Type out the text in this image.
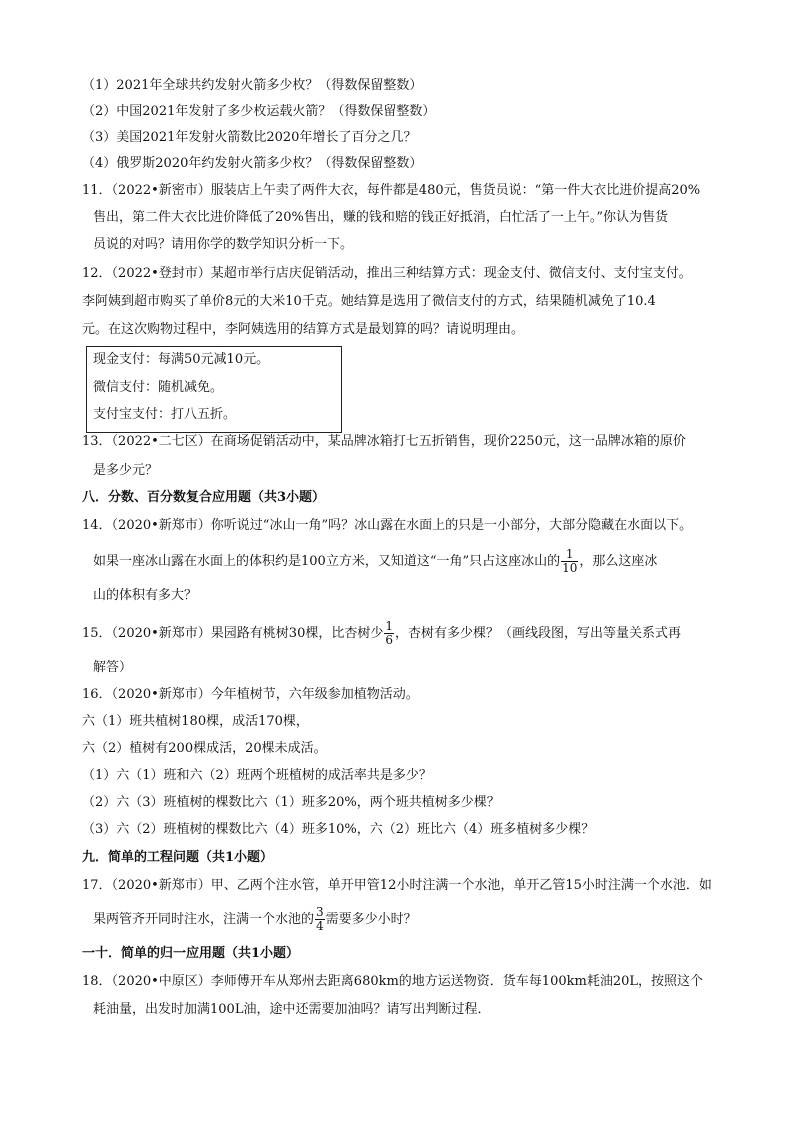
（1）2021年全球共约发射火箭多少枚？（得数保留整数）
（2）中国2021年发射了多少枚运载火箭？（得数保留整数）
（3）美国2021年发射火箭数比2020年增长了百分之几？
（4）俄罗斯2020年约发射火箭多少枚？（得数保留整数）
11．（2022•新密市）服装店上午卖了两件大衣，每件都是480元，售货员说：“第一件大衣比进价提高20%
售出，第二件大衣比进价降低了20%售出，赚的钱和赔的钱正好抵消，白忙活了一上午。”你认为售货
员说的对吗？请用你学的数学知识分析一下。
12．（2022•登封市）某超市举行店庆促销活动，推出三种结算方式：现金支付、微信支付、支付宝支付。
李阿姨到超市购买了单价8元的大米10千克。她结算是选用了微信支付的方式，结果随机减免了10.4
元。在这次购物过程中，李阿姨选用的结算方式是最划算的吗？请说明理由。
现金支付：每满50元减10元。
微信支付：随机减免。
支付宝支付：打八五折。
13．（2022•二七区）在商场促销活动中，某品牌冰箱打七五折销售，现价2250元，这一品牌冰箱的原价
是多少元？
八．分数、百分数复合应用题（共3小题）
14．（2020•新郑市）你听说过“冰山一角”吗？冰山露在水面上的只是一小部分，大部分隐藏在水面以下。
如果一座冰山露在水面上的体积约是100立方米，又知道这“一角”只占这座冰山的 $\frac{1}{10}$ ，那么这座冰
山的体积有多大？
15．（2020•新郑市）果园路有桃树30棵，比杏树少 $\frac{1}{6}$ ，杏树有多少棵？（画线段图，写出等量关系式再
解答）
16．（2020•新郑市）今年植树节，六年级参加植物活动。
六（1）班共植树180棵，成活170棵，
六（2）植树有200棵成活，20棵未成活。
（1）六（1）班和六（2）班两个班植树的成活率共是多少？
（2）六（3）班植树的棵数比六（1）班多20%，两个班共植树多少棵？
（3）六（2）班植树的棵数比六（4）班多10%，六（2）班比六（4）班多植树多少棵？
九．简单的工程问题（共1小题）
17．（2020•新郑市）甲、乙两个注水管，单开甲管12小时注满一个水池，单开乙管15小时注满一个水池．如
果两管齐开同时注水，注满一个水池的 $\frac{3}{4}$ 需要多少小时？
一十．简单的归一应用题（共1小题）
18．（2020•中原区）李师傅开车从郑州去距离680km的地方运送物资．货车每100km耗油20L，按照这个
耗油量，出发时加满100L油，途中还需要加油吗？请写出判断过程．
